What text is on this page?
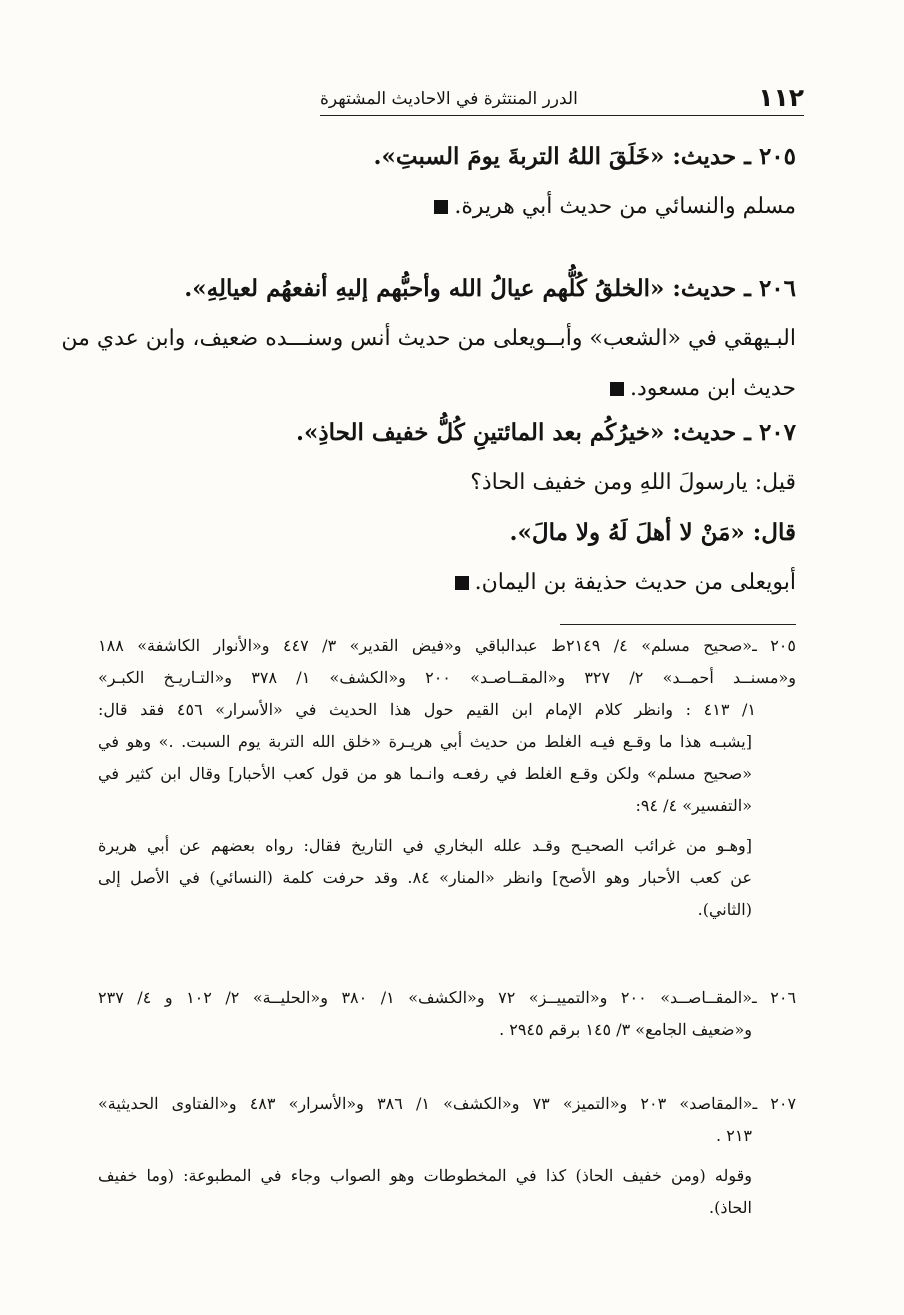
١١٢
الدرر المنتثرة في الاحاديث المشتهرة
٢٠٥ ـ حديث: «خَلَقَ اللهُ التربةَ يومَ السبتِ».
مسلم والنسائي من حديث أبي هريرة.
٢٠٦ ـ حديث: «الخلقُ كُلُّهم عيالُ الله وأحبُّهم إليهِ أنفعهُم لعيالِهِ».
البـيهقي في «الشعب» وأبــويعلى من حديث أنس وسنـــده ضعيف، وابن عدي من
حديث ابن مسعود.
٢٠٧ ـ حديث: «خيرُكُم بعد المائتينِ كُلُّ خفيف الحاذِ».
قيل: يارسولَ اللهِ ومن خفيف الحاذ؟
قال: «مَنْ لا أهلَ لَهُ ولا مالَ».
أبويعلى من حديث حذيفة بن اليمان.
٢٠٥ ـ«صحيح مسلم» ٤/ ٢١٤٩ط عبدالباقي و«فيض القدير» ٣/ ٤٤٧ و«الأنوار الكاشفة» ١٨٨
و«مسنــد أحمــد» ٢/ ٣٢٧ و«المقــاصـد» ٢٠٠ و«الكشف» ١/ ٣٧٨ و«التـاريـخ الكبـر»
١/ ٤١٣ : وانظر كلام الإمام ابن القيم حول هذا الحديث في «الأسرار» ٤٥٦ فقد قال:
[يشبـه هذا ما وقـع فيـه الغلط من حديث أبي هريـرة «خلق الله التربة يوم السبت. .» وهو في
«صحيح مسلم» ولكن وقـع الغلط في رفعـه وانـما هو من قول كعب الأحبار] وقال ابن كثير في
«التفسير» ٤/ ٩٤:
[وهـو من غرائب الصحيـح وقـد علله البخاري في التاريخ فقال: رواه بعضهم عن أبي هريرة
عن كعب الأحبار وهو الأصح] وانظر «المنار» ٨٤. وقد حرفت كلمة (النسائي) في الأصل إلى
(الثاني).
٢٠٦ ـ«المقــاصــد» ٢٠٠ و«التمييــز» ٧٢ و«الكشف» ١/ ٣٨٠ و«الحليــة» ٢/ ١٠٢ و ٤/ ٢٣٧
و«ضعيف الجامع» ٣/ ١٤٥ برقم ٢٩٤٥ .
٢٠٧ ـ«المقاصد» ٢٠٣ و«التميز» ٧٣ و«الكشف» ١/ ٣٨٦ و«الأسرار» ٤٨٣ و«الفتاوى الحديثية»
٢١٣ .
وقوله (ومن خفيف الحاذ) كذا في المخطوطات وهو الصواب وجاء في المطبوعة: (وما خفيف
الحاذ).
